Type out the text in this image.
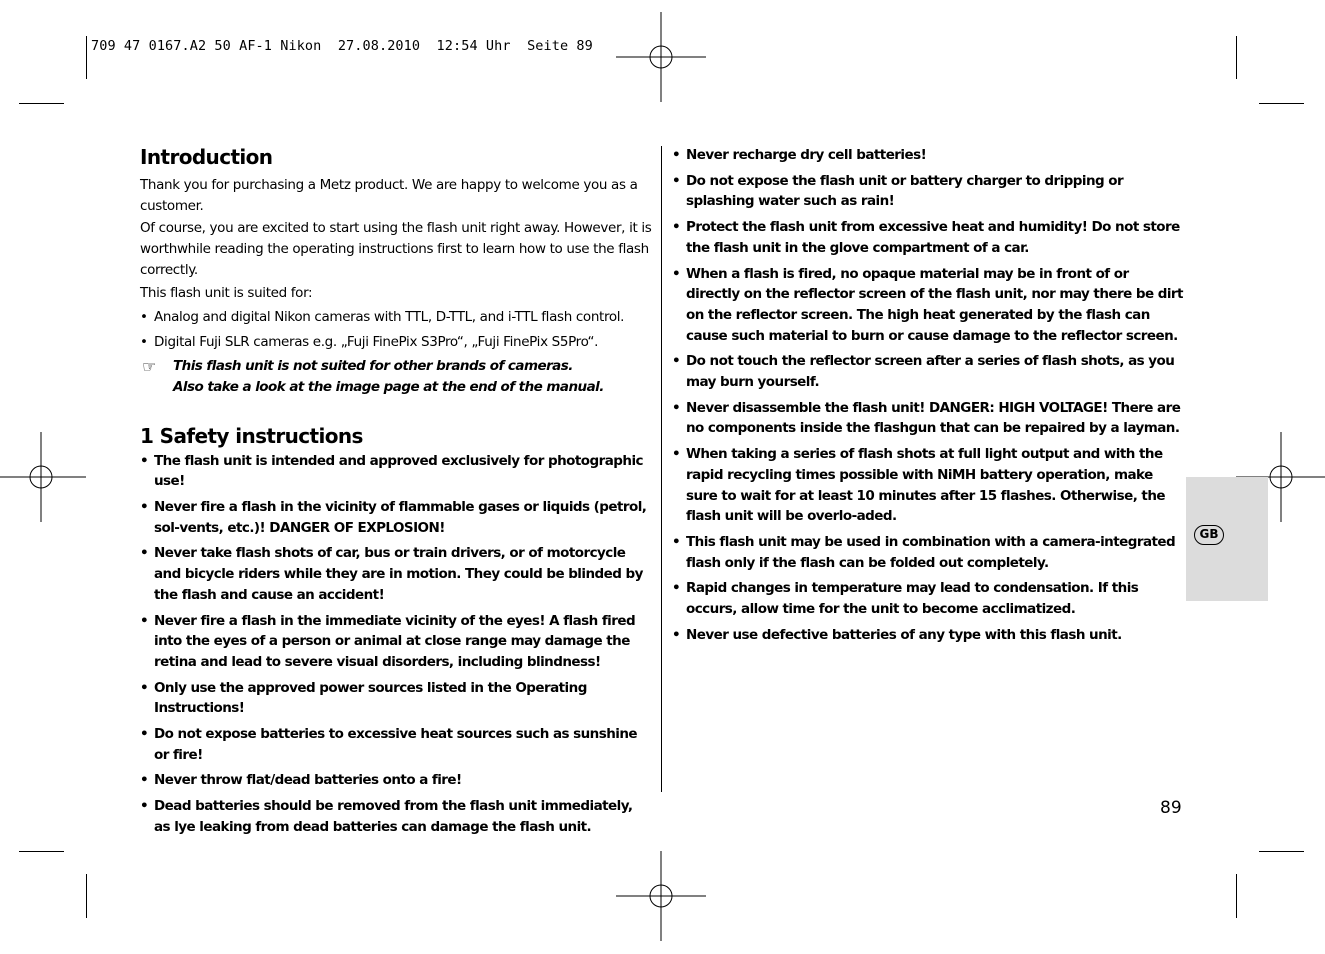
709 47 0167.A2 50 AF-1 Nikon  27.08.2010  12:54 Uhr  Seite 89
GB
Introduction

Thank you for purchasing a Metz product. We are happy to welcome you as a customer.

Of course, you are excited to start using the flash unit right away. However, it is worthwhile reading the operating instructions first to learn how to use the flash correctly.

This flash unit is suited for:

• Analog and digital Nikon cameras with TTL, D-TTL, and i-TTL flash control.
• Digital Fuji SLR cameras e.g. „Fuji FinePix S3Pro“, „Fuji FinePix S5Pro“.
☞ This flash unit is not suited for other brands of cameras.
Also take a look at the image page at the end of the manual.
1 Safety instructions
• The flash unit is intended and approved exclusively for photographic use!
• Never fire a flash in the vicinity of flammable gases or liquids (petrol, sol-vents, etc.)! DANGER OF EXPLOSION!
• Never take flash shots of car, bus or train drivers, or of motorcycle and bicycle riders while they are in motion. They could be blinded by the flash and cause an accident!
• Never fire a flash in the immediate vicinity of the eyes! A flash fired into the eyes of a person or animal at close range may damage the retina and lead to severe visual disorders, including blindness!
• Only use the approved power sources listed in the Operating Instructions!
• Do not expose batteries to excessive heat sources such as sunshine or fire!
• Never throw flat/dead batteries onto a fire!
• Dead batteries should be removed from the flash unit immediately, as lye leaking from dead batteries can damage the flash unit.
• Never recharge dry cell batteries!
• Do not expose the flash unit or battery charger to dripping or splashing water such as rain!
• Protect the flash unit from excessive heat and humidity! Do not store the flash unit in the glove compartment of a car.
• When a flash is fired, no opaque material may be in front of or directly on the reflector screen of the flash unit, nor may there be dirt on the reflector screen. The high heat generated by the flash can cause such material to burn or cause damage to the reflector screen.
• Do not touch the reflector screen after a series of flash shots, as you may burn yourself.
• Never disassemble the flash unit! DANGER: HIGH VOLTAGE! There are no components inside the flashgun that can be repaired by a layman.
• When taking a series of flash shots at full light output and with the rapid recycling times possible with NiMH battery operation, make sure to wait for at least 10 minutes after 15 flashes. Otherwise, the flash unit will be overlo-aded.
• This flash unit may be used in combination with a camera-integrated flash only if the flash can be folded out completely.
• Rapid changes in temperature may lead to condensation. If this occurs, allow time for the unit to become acclimatized.
• Never use defective batteries of any type with this flash unit.
89
